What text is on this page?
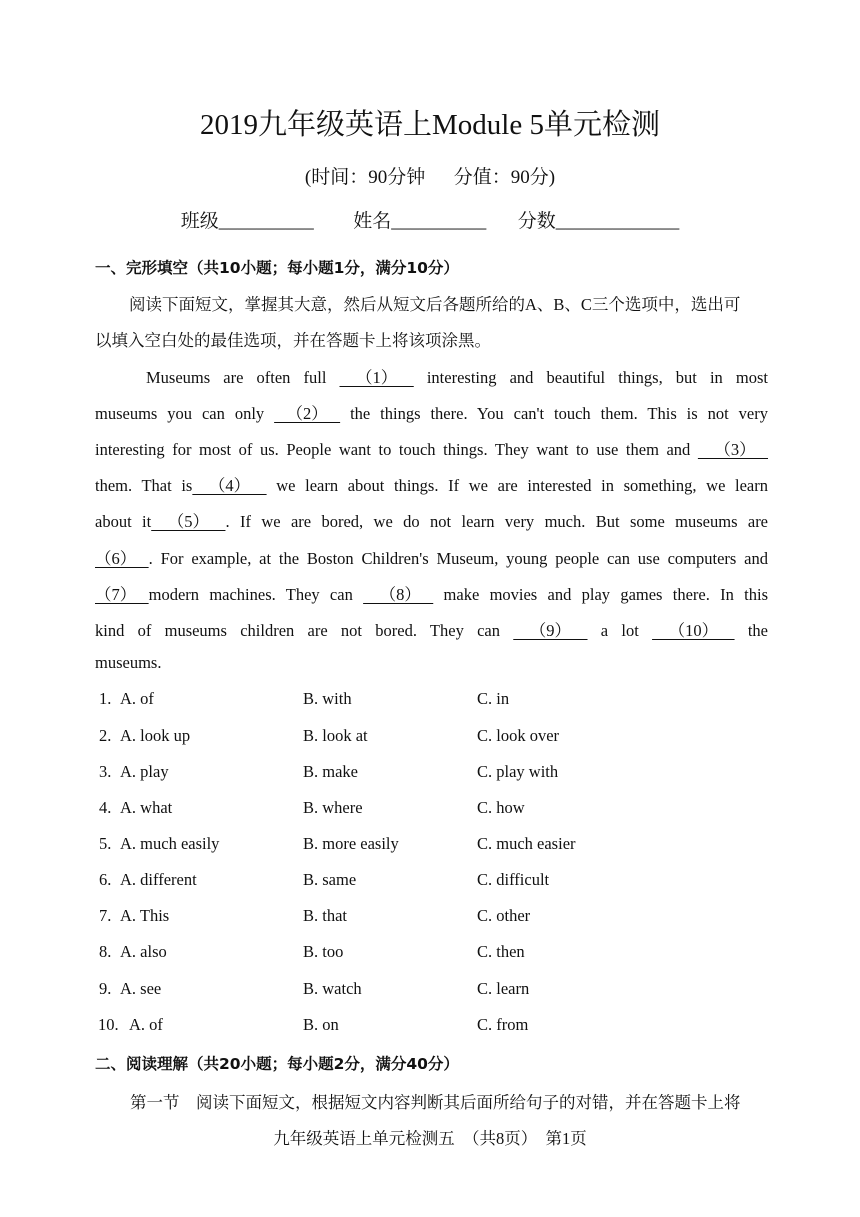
2019九年级英语上Module 5单元检测
(时间：90分钟      分值：90分)
班级__________ 姓名__________ 分数_____________
一、完形填空（共10小题；每小题1分，满分10分）
阅读下面短文，掌握其大意，然后从短文后各题所给的A、B、C三个选项中，选出可
以填入空白处的最佳选项，并在答题卡上将该项涂黑。
Museums are often full     （1）     interesting and beautiful things, but in most
museums you can only    （2）    the things there. You can't touch them. This is not very
interesting for most of us. People want to touch things. They want to use them and     （3）
them. That is    （4）     we learn about things. If we are interested in something, we learn
about it    （5）    . If we are bored, we do not learn very much. But some museums are
（6）   . For example, at the Boston Children's Museum, young people can use computers and
（7）   modern machines. They can     （8）    make movies and play games there. In this
kind of museums children are not bored. They can     （9）     a lot     （10）     the
museums.
1. A. of	B. with	C. in
2. A. look up	B. look at	C. look over
3. A. play	B. make	C. play with
4. A. what	B. where	C. how
5. A. much easily	B. more easily	C. much easier
6. A. different	B. same	C. difficult
7. A. This	B. that	C. other
8. A. also	B. too	C. then
9. A. see	B. watch	C. learn
10. A. of	B. on	C. from
二、阅读理解（共20小题；每小题2分，满分40分）
第一节    阅读下面短文，根据短文内容判断其后面所给句子的对错，并在答题卡上将
九年级英语上单元检测五  （共8页）  第1页
